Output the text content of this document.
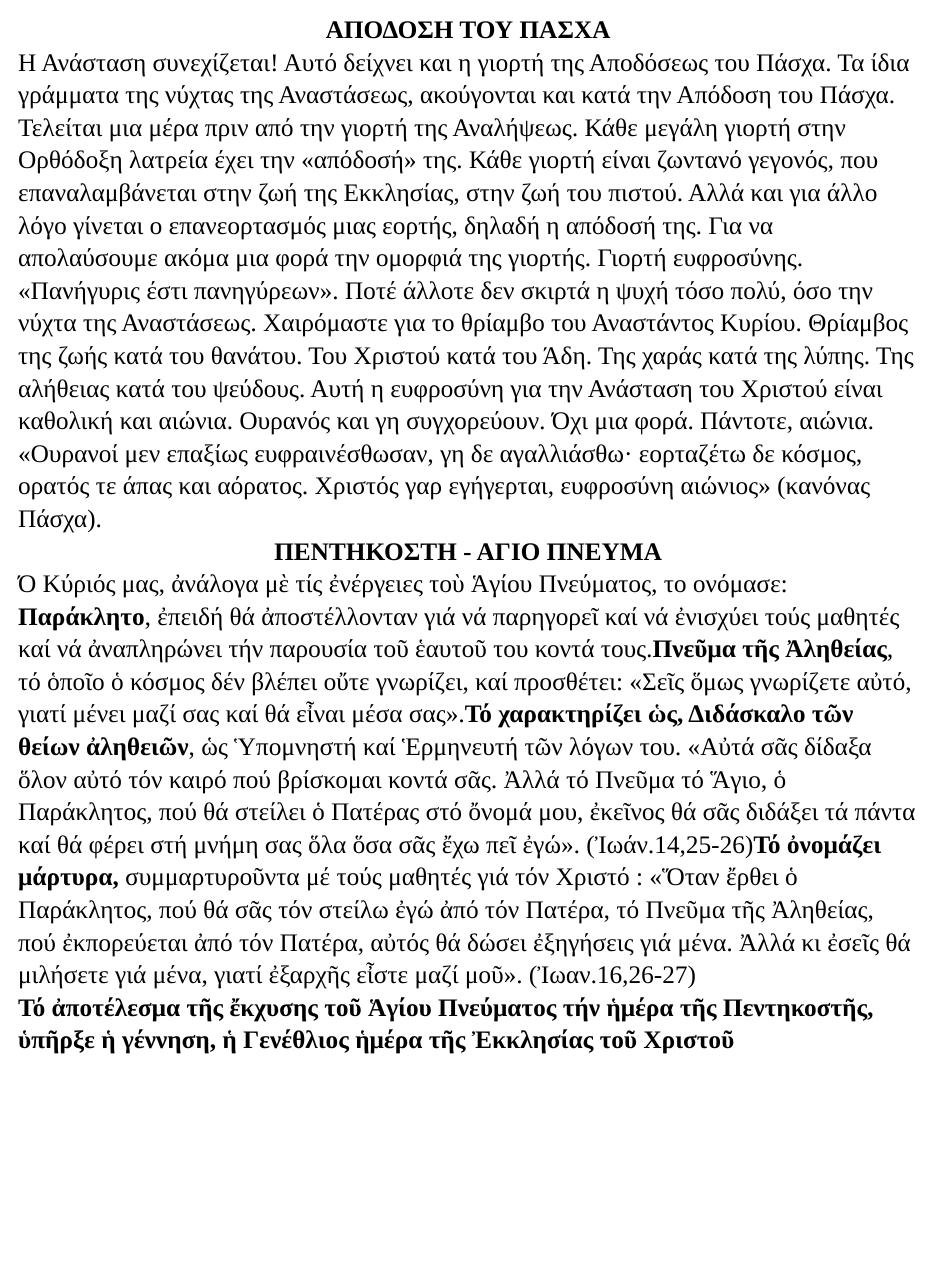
ΑΠΟΔΟΣΗ ΤΟΥ ΠΑΣΧΑ

Η Ανάσταση συνεχίζεται! Αυτό δείχνει και η γιορτή της Αποδόσεως του Πάσχα. Τα ίδια γράμματα της νύχτας της Αναστάσεως, ακούγονται και κατά την Απόδοση του Πάσχα. Τελείται μια μέρα πριν από την γιορτή της Αναλήψεως. Κάθε μεγάλη γιορτή στην Ορθόδοξη λατρεία έχει την «απόδοσή» της. Κάθε γιορτή είναι ζωντανό γεγονός, που επαναλαμβάνεται στην ζωή της Εκκλησίας, στην ζωή του πιστού. Αλλά και για άλλο λόγο γίνεται ο επανεορτασμός μιας εορτής, δηλαδή η απόδοσή της. Για να απολαύσουμε ακόμα μια φορά την ομορφιά της γιορτής. Γιορτή ευφροσύνης. «Πανήγυρις έστι πανηγύρεων». Ποτέ άλλοτε δεν σκιρτά η ψυχή τόσο πολύ, όσο την νύχτα της Αναστάσεως. Χαιρόμαστε για το θρίαμβο του Αναστάντος Κυρίου. Θρίαμβος της ζωής κατά του θανάτου. Του Χριστού κατά του Άδη. Της χαράς κατά της λύπης. Της αλήθειας κατά του ψεύδους. Αυτή η ευφροσύνη για την Ανάσταση του Χριστού είναι καθολική και αιώνια. Ουρανός και γη συγχορεύουν. Όχι μια φορά. Πάντοτε, αιώνια. «Ουρανοί μεν επαξίως ευφραινέσθωσαν, γη δε αγαλλιάσθω· εορταζέτω δε κόσμος, ορατός τε άπας και αόρατος. Χριστός γαρ εγήγερται, ευφροσύνη αιώνιος» (κανόνας Πάσχα).

ΠΕΝΤΗΚΟΣΤΗ - ΑΓΙΟ ΠΝΕΥΜΑ

Ό Κύριός μας, ἀνάλογα μὲ τίς ἐνέργειες τοὺ Ἁγίου Πνεύματος, το ονόμασε: Παράκλητο, ἐπειδή θά ἀποστέλλονταν γιά νά παρηγορεῖ καί νά ἐνισχύει τούς μαθητές καί νά ἀναπληρώνει τήν παρουσία τοῦ ἑαυτοῦ του κοντά τους.Πνεῦμα τῆς Ἀληθείας, τό ὁποῖο ὁ κόσμος δέν βλέπει οὔτε γνωρίζει, καί προσθέτει: «Σεῖς ὅμως γνωρίζετε αὐτό, γιατί μένει μαζί σας καί θά εἶναι μέσα σας».Τό χαρακτηρίζει ὡς, Διδάσκαλο τῶν θείων ἀληθειῶν, ὡς Ὑπομνηστή καί Ἑρμηνευτή τῶν λόγων του. «Αὐτά σᾶς δίδαξα ὅλον αὐτό τόν καιρό πού βρίσκομαι κοντά σᾶς. Ἀλλά τό Πνεῦμα τό Ἅγιο, ὁ Παράκλητος, πού θά στείλει ὁ Πατέρας στό ὄνομά μου, ἐκεῖνος θά σᾶς διδάξει τά πάντα καί θά φέρει στή μνήμη σας ὅλα ὅσα σᾶς ἔχω πεῖ ἐγώ». (Ἰωάν.14,25-26)Τό ὀνομάζει μάρτυρα, συμμαρτυροῦντα μέ τούς μαθητές γιά τόν Χριστό : «Ὅταν ἔρθει ὁ Παράκλητος, πού θά σᾶς τόν στείλω ἐγώ ἀπό τόν Πατέρα, τό Πνεῦμα τῆς Ἀληθείας, πού ἐκπορεύεται ἀπό τόν Πατέρα, αὐτός θά δώσει ἐξηγήσεις γιά μένα. Ἀλλά κι ἐσεῖς θά μιλήσετε γιά μένα, γιατί ἐξαρχῆς εἶστε μαζί μοῦ». (Ἰωαν.16,26-27)

Τό ἀποτέλεσμα τῆς ἔκχυσης τοῦ Ἁγίου Πνεύματος τήν ἡμέρα τῆς Πεντηκοστῆς, ὑπῆρξε ἡ γέννηση, ἡ Γενέθλιος ἡμέρα τῆς Ἐκκλησίας τοῦ Χριστοῦ
